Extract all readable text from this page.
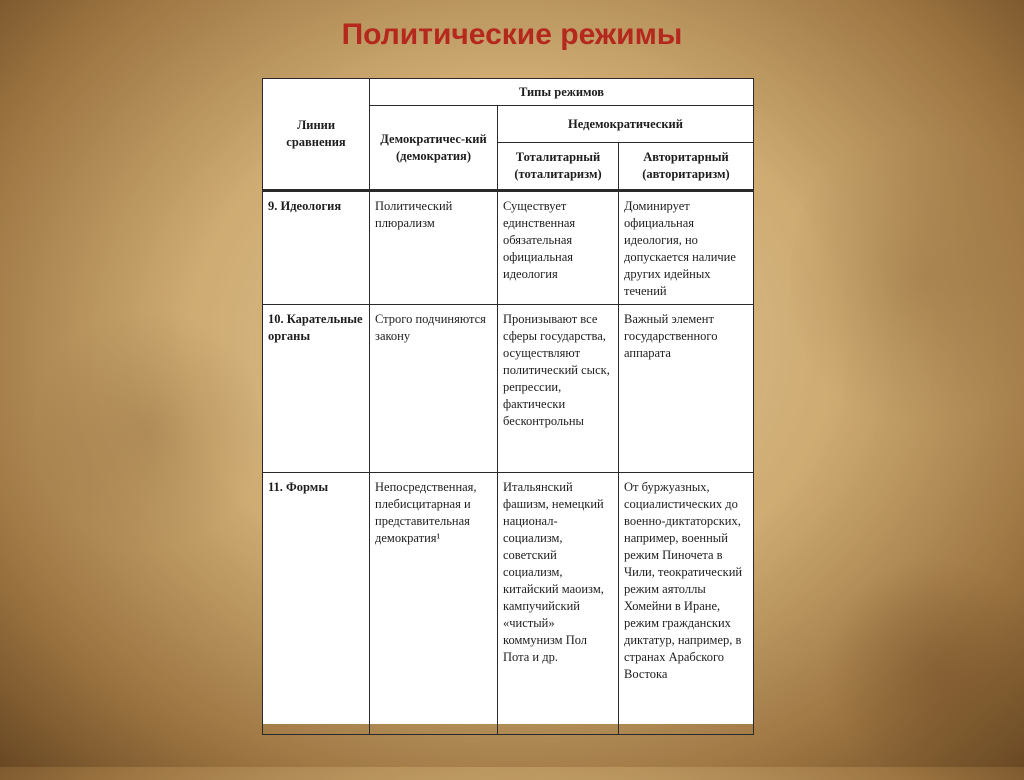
Политические режимы
Линии сравнения	Типы режимов		
	Демократичес-кий (демократия)	Недемократический	
		Тоталитарный (тоталитаризм)	Авторитарный (авторитаризм)
9. Идеология	Политический плюрализм	Существует единственная обязательная официальная идеология	Доминирует официальная идеология, но допускается наличие других идейных течений
10. Карательные органы	Строго подчиняются закону	Пронизывают все сферы государства, осуществляют политический сыск, репрессии, фактически бесконтрольны	Важный элемент государственного аппарата
11. Формы	Непосредственная, плебисцитарная и представительная демократия¹	Итальянский фашизм, немецкий национал-социализм, советский социализм, китайский маоизм, кампучийский «чистый» коммунизм Пол Пота и др.	От буржуазных, социалистических до военно-диктаторских, например, военный режим Пиночета в Чили, теократический режим аятоллы Хомейни в Иране, режим гражданских диктатур, например, в странах Арабского Востока
